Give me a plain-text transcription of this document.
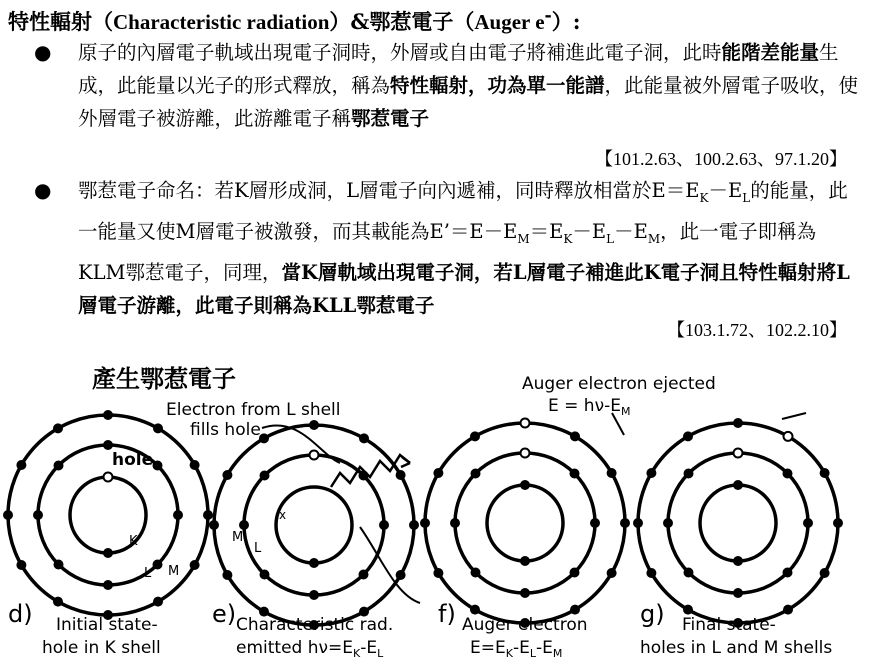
特性輻射（Characteristic radiation）&鄂惹電子（Auger e-）:
● 原子的內層電子軌域出現電子洞時，外層或自由電子將補進此電子洞，此時能階差能量生成，此能量以光子的形式釋放，稱為特性輻射，功為單一能譜，此能量被外層電子吸收，使外層電子被游離，此游離電子稱鄂惹電子
【101.2.63、100.2.63、97.1.20】
● 鄂惹電子命名：若K層形成洞，L層電子向內遞補，同時釋放相當於$E=E_K-E_L$的能量，此一能量又使M層電子被激發，而其載能為$E’=E-E_M=E_K-E_L-E_M$，此一電子即稱為KLM鄂惹電子，同理，當K層軌域出現電子洞，若L層電子補進此K電子洞且特性輻射將L層電子游離，此電子則稱為KLL鄂惹電子
【103.1.72、102.2.10】
產生鄂惹電子
hole
K
L M
d) Initial state-
hole in K shell
Electron from L shell
fills hole
x
M
L
e) Characteristic rad.
emitted $h\nu=E_K-E_L$
Auger electron ejected
$E = h\nu-E_M$
f) Auger electron
$E=E_K-E_L-E_M$
g) Final state-
holes in L and M shells
